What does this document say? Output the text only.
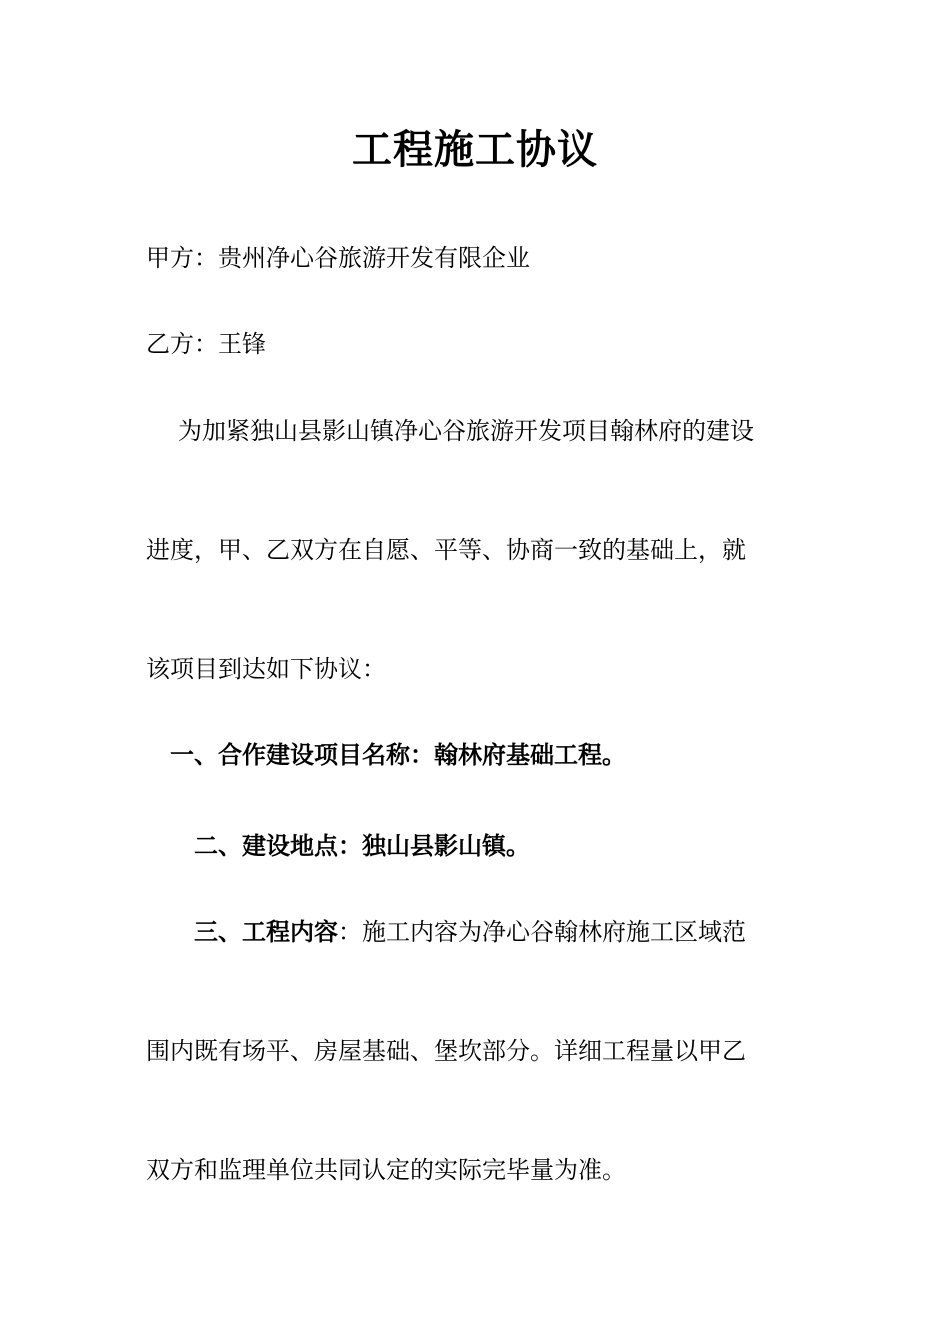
工程施工协议
甲方：贵州净心谷旅游开发有限企业
乙方：王锋
为加紧独山县影山镇净心谷旅游开发项目翰林府的建设
进度，甲、乙双方在自愿、平等、协商一致的基础上，就
该项目到达如下协议：
一、合作建设项目名称：翰林府基础工程。
二、建设地点：独山县影山镇。
三、工程内容：施工内容为净心谷翰林府施工区域范
围内既有场平、房屋基础、堡坎部分。详细工程量以甲乙
双方和监理单位共同认定的实际完毕量为准。
